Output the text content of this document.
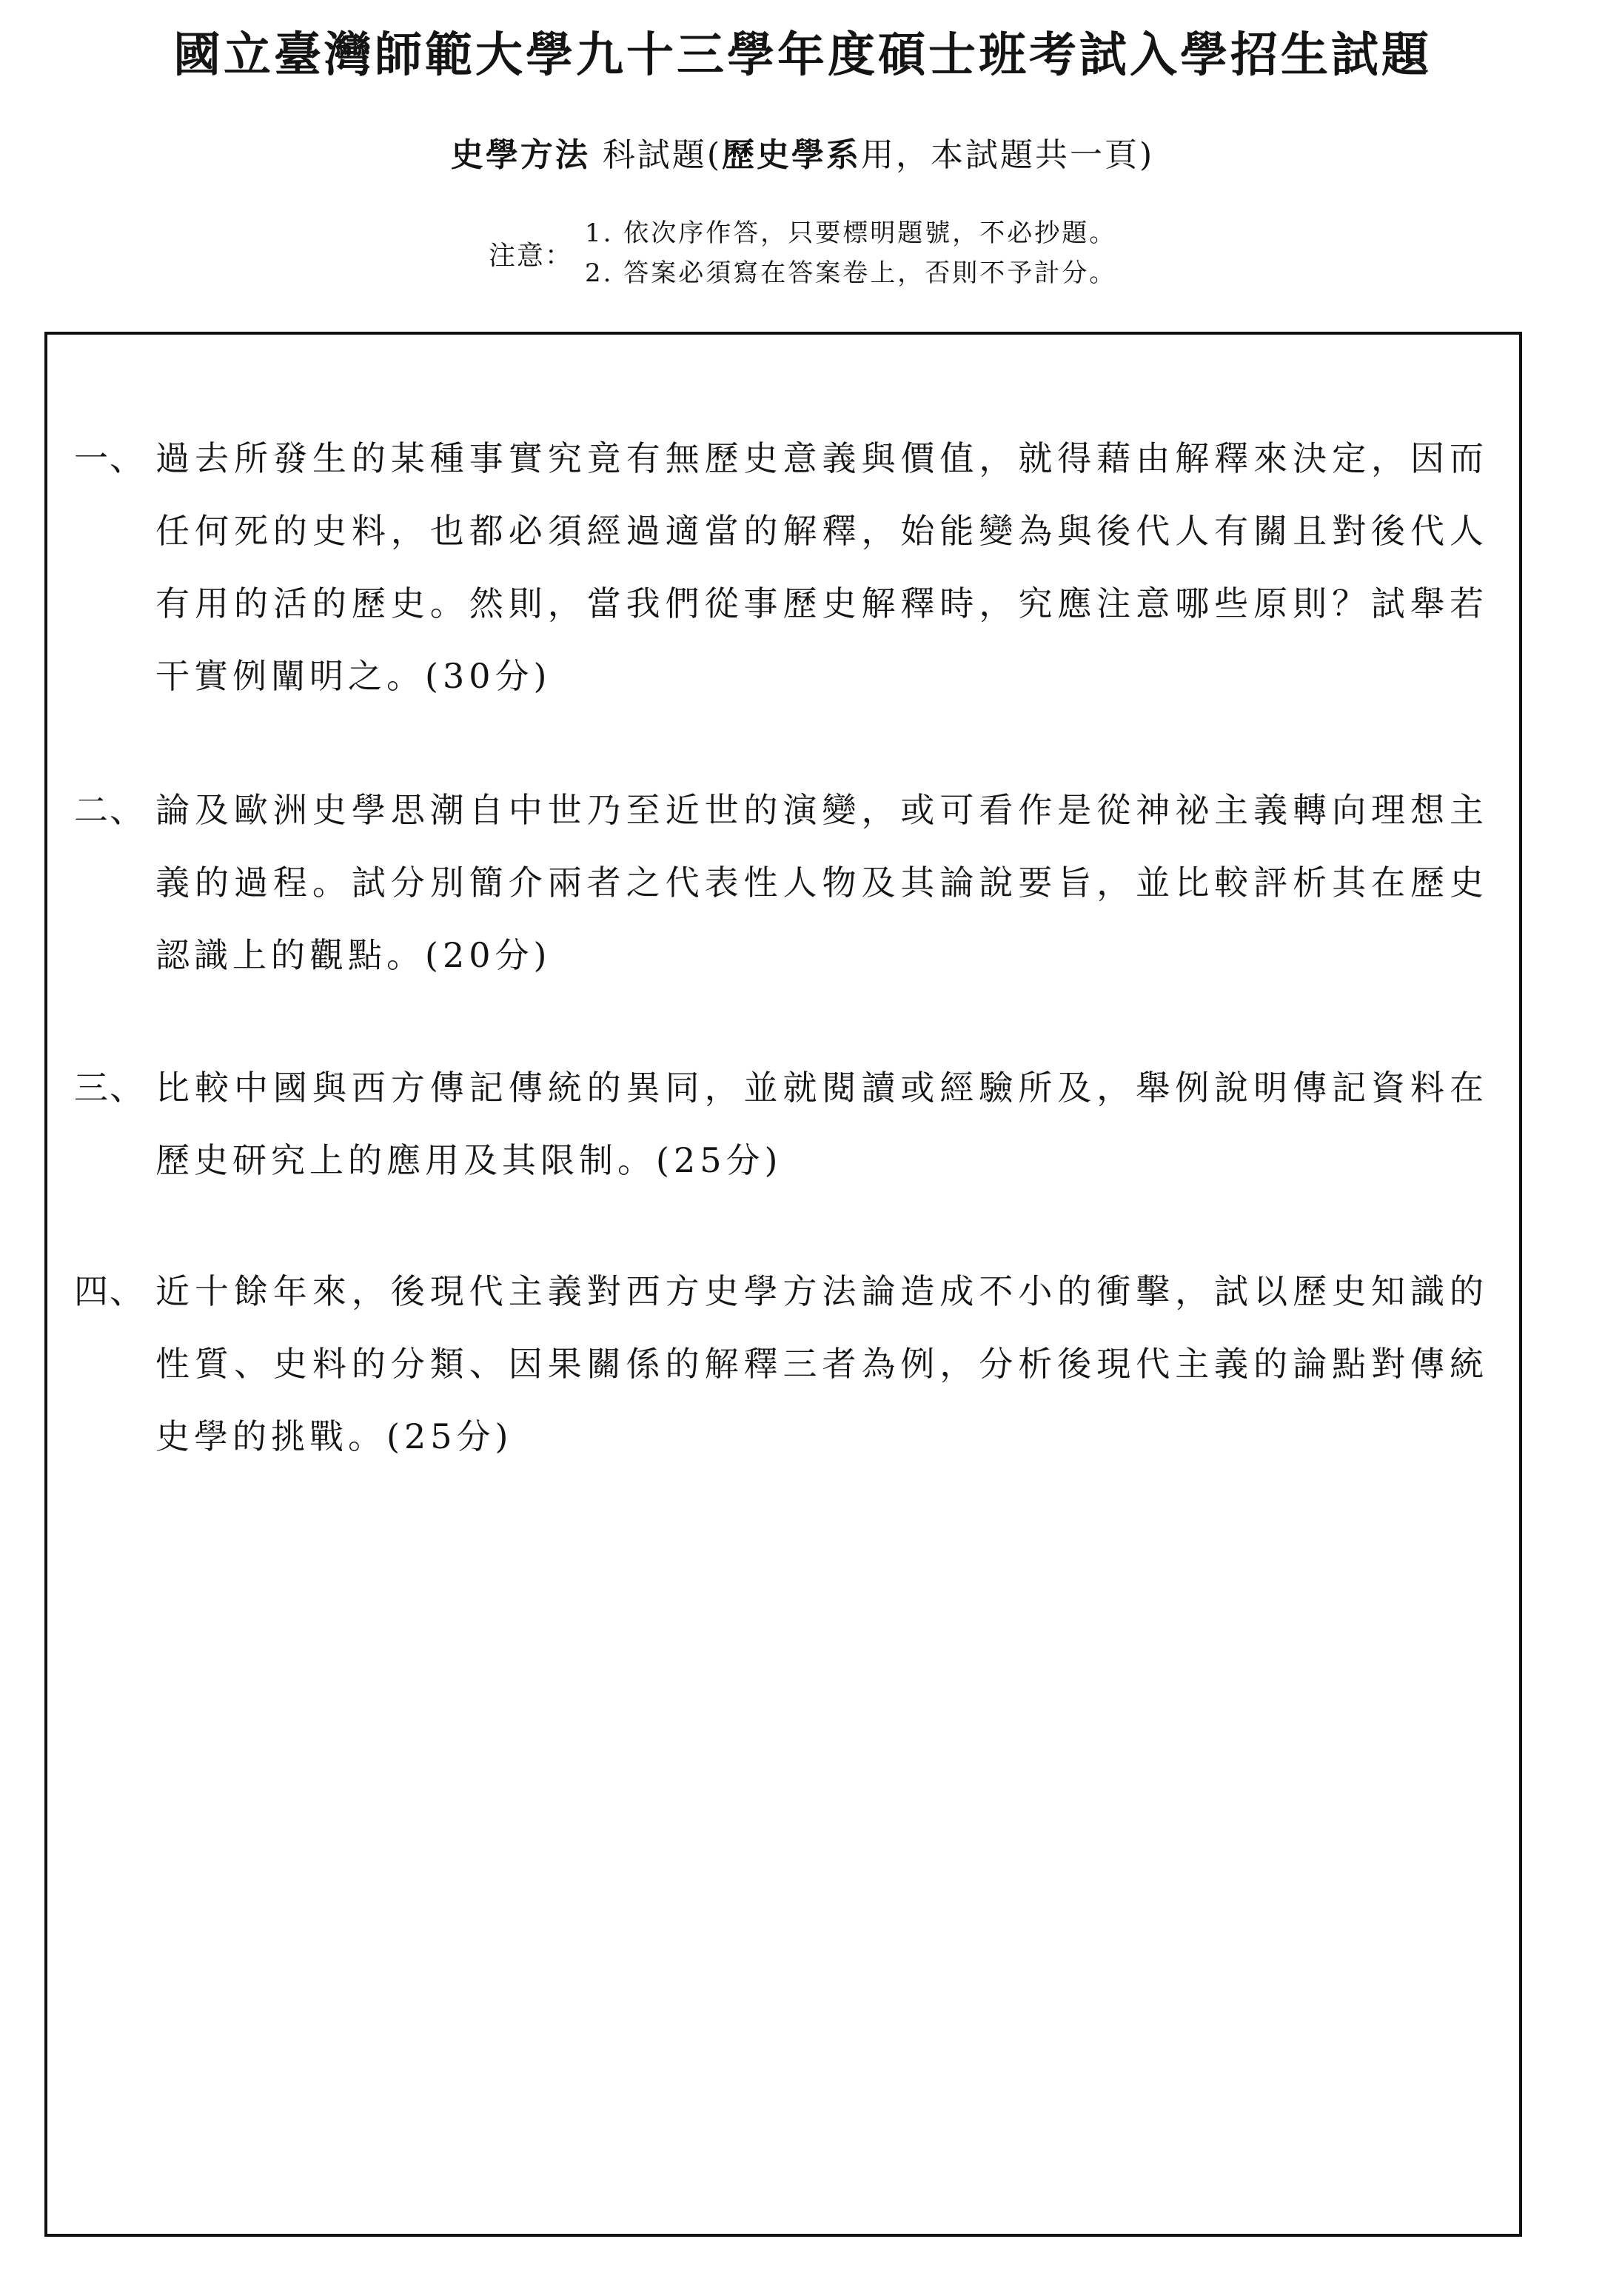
國立臺灣師範大學九十三學年度碩士班考試入學招生試題
史學方法 科試題(歷史學系用，本試題共一頁)
注意：
1. 依次序作答，只要標明題號，不必抄題。
2. 答案必須寫在答案卷上，否則不予計分。
一、 過去所發生的某種事實究竟有無歷史意義與價值，就得藉由解釋來決定，因而任何死的史料，也都必須經過適當的解釋，始能變為與後代人有關且對後代人有用的活的歷史。然則，當我們從事歷史解釋時，究應注意哪些原則？試舉若干實例闡明之。(30分)

二、 論及歐洲史學思潮自中世乃至近世的演變，或可看作是從神祕主義轉向理想主義的過程。試分別簡介兩者之代表性人物及其論說要旨，並比較評析其在歷史認識上的觀點。(20分)

三、 比較中國與西方傳記傳統的異同，並就閱讀或經驗所及，舉例說明傳記資料在歷史研究上的應用及其限制。(25分)

四、 近十餘年來，後現代主義對西方史學方法論造成不小的衝擊，試以歷史知識的性質、史料的分類、因果關係的解釋三者為例，分析後現代主義的論點對傳統史學的挑戰。(25分)
